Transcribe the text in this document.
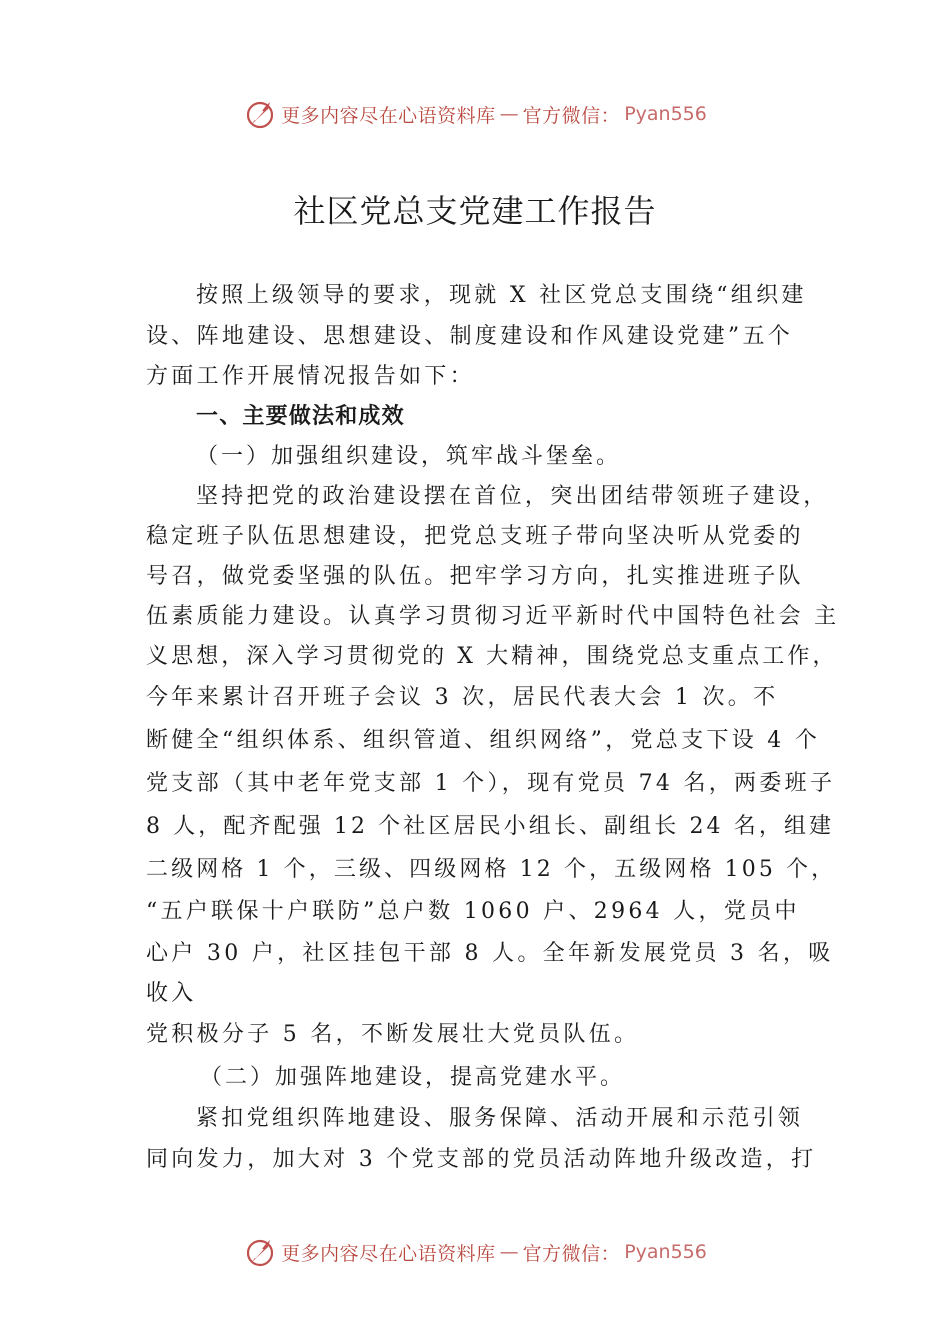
更多内容尽在心语资料库 — 官方微信： Pyan556
社区党总支党建工作报告
按照上级领导的要求，现就 X 社区党总支围绕“组织建
设、阵地建设、思想建设、制度建设和作风建设党建”五个
方面工作开展情况报告如下：
一、主要做法和成效
（一）加强组织建设，筑牢战斗堡垒。
坚持把党的政治建设摆在首位，突出团结带领班子建设，
稳定班子队伍思想建设，把党总支班子带向坚决听从党委的
号召，做党委坚强的队伍。把牢学习方向，扎实推进班子队
伍素质能力建设。认真学习贯彻习近平新时代中国特色社会 主
义思想，深入学习贯彻党的 X 大精神，围绕党总支重点工作，
今年来累计召开班子会议 3 次，居民代表大会 1 次。不
断健全“组织体系、组织管道、组织网络”，党总支下设 4 个
党支部（其中老年党支部 1 个），现有党员 74 名，两委班子
8 人，配齐配强 12 个社区居民小组长、副组长 24 名，组建
二级网格 1 个，三级、四级网格 12 个，五级网格 105 个，
“五户联保十户联防”总户数 1060 户、2964 人，党员中
心户 30 户，社区挂包干部 8 人。全年新发展党员 3 名，吸
收入
党积极分子 5 名，不断发展壮大党员队伍。
（二）加强阵地建设，提高党建水平。
紧扣党组织阵地建设、服务保障、活动开展和示范引领
同向发力，加大对 3 个党支部的党员活动阵地升级改造，打
更多内容尽在心语资料库 — 官方微信： Pyan556
